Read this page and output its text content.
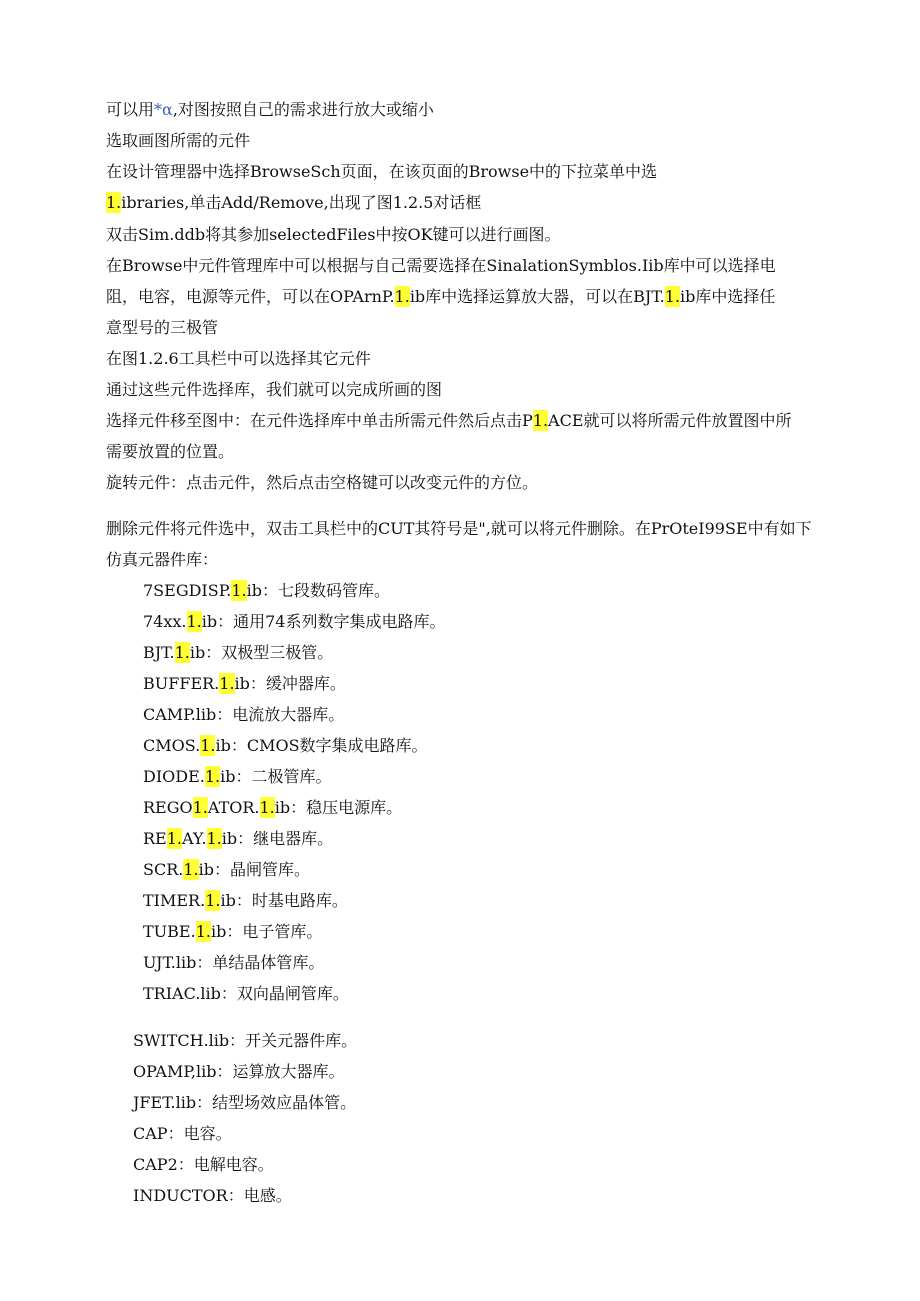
可以用*α,对图按照自己的需求进行放大或缩小
选取画图所需的元件
在设计管理器中选择BrowseSch页面，在该页面的Browse中的下拉菜单中选
1.ibraries,单击Add/Remove,出现了图1.2.5对话框
双击Sim.ddb将其参加selectedFiles中按OK键可以进行画图。
在Browse中元件管理库中可以根据与自己需要选择在SinalationSymblos.Iib库中可以选择电
阻，电容，电源等元件，可以在OPArnP.1.ib库中选择运算放大器，可以在BJT.1.ib库中选择任
意型号的三极管
在图1.2.6工具栏中可以选择其它元件
通过这些元件选择库，我们就可以完成所画的图
选择元件移至图中：在元件选择库中单击所需元件然后点击P1.ACE就可以将所需元件放置图中所
需要放置的位置。
旋转元件：点击元件，然后点击空格键可以改变元件的方位。
删除元件将元件选中，双击工具栏中的CUT其符号是",就可以将元件删除。在PrOteI99SE中有如下
仿真元器件库：
7SEGDISP.1.ib：七段数码管库。
74xx.1.ib：通用74系列数字集成电路库。
BJT.1.ib：双极型三极管。
BUFFER.1.ib：缓冲器库。
CAMP.lib：电流放大器库。
CMOS.1.ib：CMOS数字集成电路库。
DIODE.1.ib：二极管库。
REGO1.ATOR.1.ib：稳压电源库。
RE1.AY.1.ib：继电器库。
SCR.1.ib：晶闸管库。
TIMER.1.ib：时基电路库。
TUBE.1.ib：电子管库。
UJT.lib：单结晶体管库。
TRIAC.lib：双向晶闸管库。
SWITCH.lib：开关元器件库。
OPAMP,lib：运算放大器库。
JFET.lib：结型场效应晶体管。
CAP：电容。
CAP2：电解电容。
INDUCTOR：电感。
